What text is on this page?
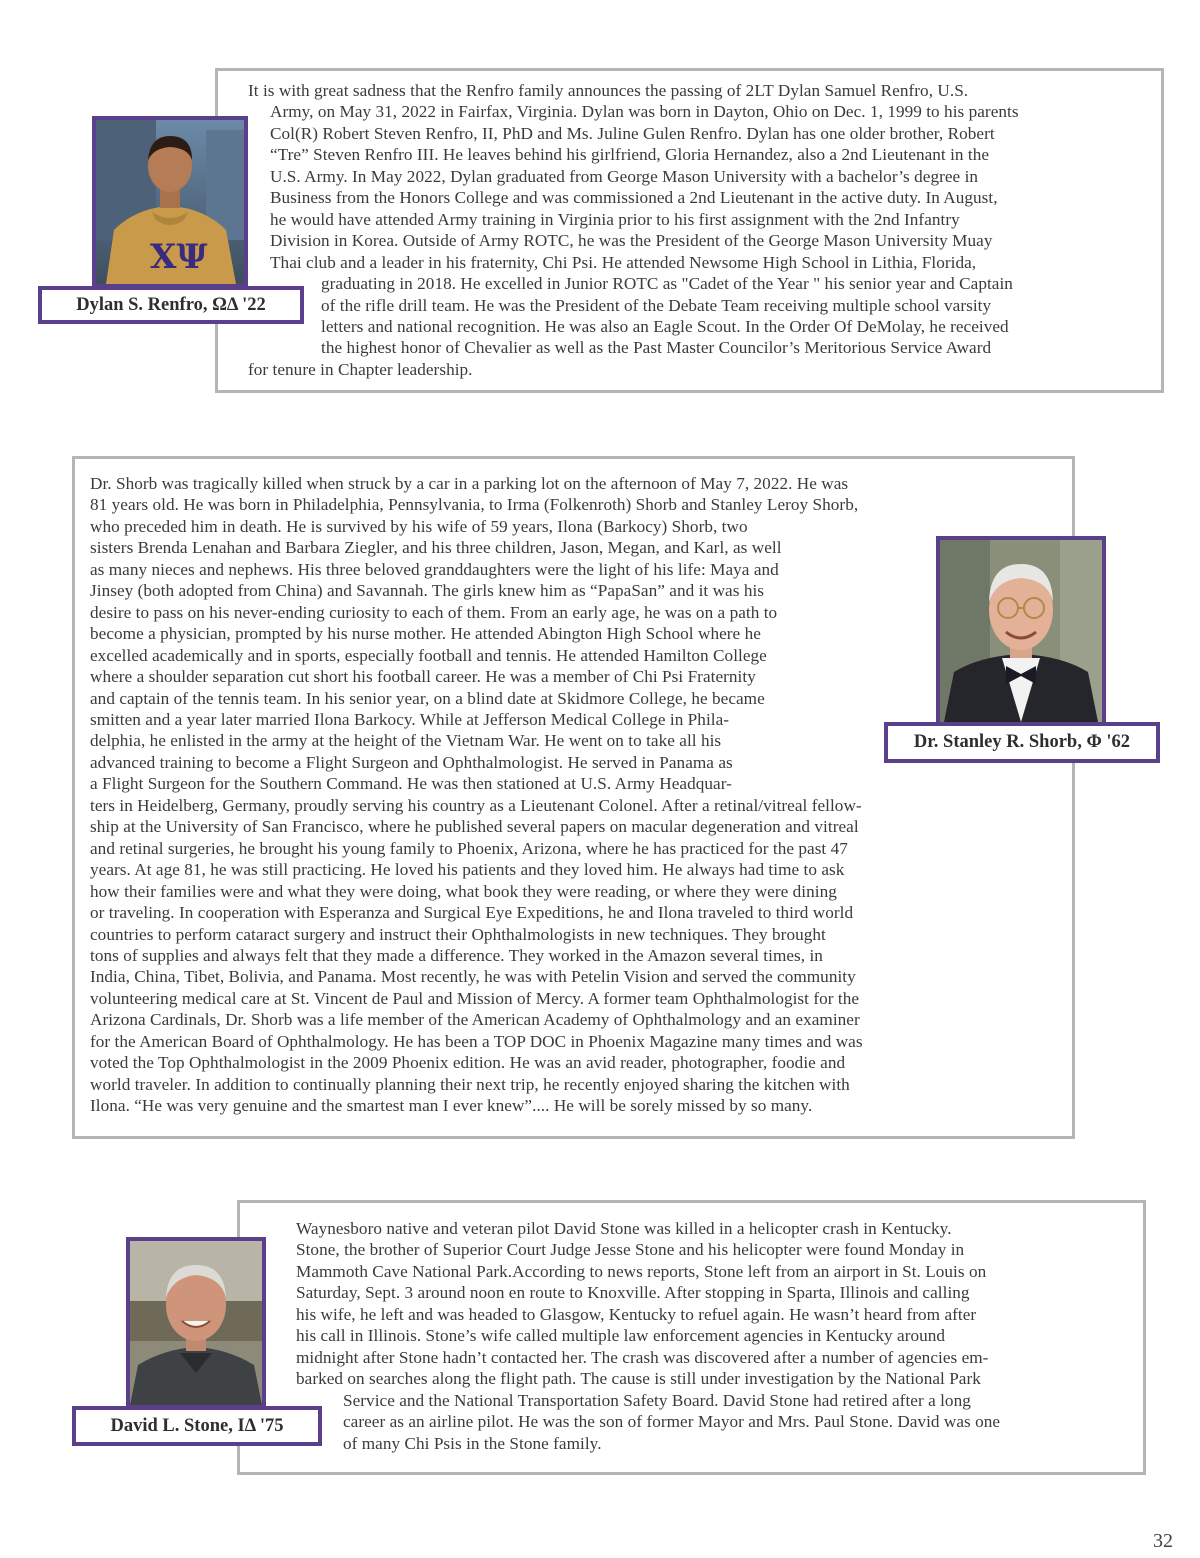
It is with great sadness that the Renfro family announces the passing of 2LT Dylan Samuel Renfro, U.S.
Army, on May 31, 2022 in Fairfax, Virginia. Dylan was born in Dayton, Ohio on Dec. 1, 1999 to his parents
Col(R) Robert Steven Renfro, II, PhD and Ms. Juline Gulen Renfro. Dylan has one older brother, Robert
“Tre” Steven Renfro III. He leaves behind his girlfriend, Gloria Hernandez, also a 2nd Lieutenant in the
U.S. Army. In May 2022, Dylan graduated from George Mason University with a bachelor’s degree in
Business from the Honors College and was commissioned a 2nd Lieutenant in the active duty. In August,
he would have attended Army training in Virginia prior to his first assignment with the 2nd Infantry
Division in Korea. Outside of Army ROTC, he was the President of the George Mason University Muay
Thai club and a leader in his fraternity, Chi Psi. He attended Newsome High School in Lithia, Florida,
graduating in 2018. He excelled in Junior ROTC as "Cadet of the Year " his senior year and Captain
of the rifle drill team. He was the President of the Debate Team receiving multiple school varsity
letters and national recognition. He was also an Eagle Scout. In the Order Of DeMolay, he received
the highest honor of Chevalier as well as the Past Master Councilor’s Meritorious Service Award
for tenure in Chapter leadership.
ΧΨ
Dylan S. Renfro, ΩΔ '22
Dr. Shorb was tragically killed when struck by a car in a parking lot on the afternoon of May 7, 2022. He was
81 years old. He was born in Philadelphia, Pennsylvania, to Irma (Folkenroth) Shorb and Stanley Leroy Shorb,
who preceded him in death. He is survived by his wife of 59 years, Ilona (Barkocy) Shorb, two
sisters Brenda Lenahan and Barbara Ziegler, and his three children, Jason, Megan, and Karl, as well
as many nieces and nephews. His three beloved granddaughters were the light of his life: Maya and
Jinsey (both adopted from China) and Savannah. The girls knew him as “PapaSan” and it was his
desire to pass on his never-ending curiosity to each of them. From an early age, he was on a path to
become a physician, prompted by his nurse mother. He attended Abington High School where he
excelled academically and in sports, especially football and tennis. He attended Hamilton College
where a shoulder separation cut short his football career. He was a member of Chi Psi Fraternity
and captain of the tennis team. In his senior year, on a blind date at Skidmore College, he became
smitten and a year later married Ilona Barkocy. While at Jefferson Medical College in Phila-
delphia, he enlisted in the army at the height of the Vietnam War. He went on to take all his
advanced training to become a Flight Surgeon and Ophthalmologist. He served in Panama as
a Flight Surgeon for the Southern Command. He was then stationed at U.S. Army Headquar-
ters in Heidelberg, Germany, proudly serving his country as a Lieutenant Colonel. After a retinal/vitreal fellow-
ship at the University of San Francisco, where he published several papers on macular degeneration and vitreal
and retinal surgeries, he brought his young family to Phoenix, Arizona, where he has practiced for the past 47
years. At age 81, he was still practicing. He loved his patients and they loved him. He always had time to ask
how their families were and what they were doing, what book they were reading, or where they were dining
or traveling. In cooperation with Esperanza and Surgical Eye Expeditions, he and Ilona traveled to third world
countries to perform cataract surgery and instruct their Ophthalmologists in new techniques. They brought
tons of supplies and always felt that they made a difference. They worked in the Amazon several times, in
India, China, Tibet, Bolivia, and Panama. Most recently, he was with Petelin Vision and served the community
volunteering medical care at St. Vincent de Paul and Mission of Mercy. A former team Ophthalmologist for the
Arizona Cardinals, Dr. Shorb was a life member of the American Academy of Ophthalmology and an examiner
for the American Board of Ophthalmology. He has been a TOP DOC in Phoenix Magazine many times and was
voted the Top Ophthalmologist in the 2009 Phoenix edition. He was an avid reader, photographer, foodie and
world traveler. In addition to continually planning their next trip, he recently enjoyed sharing the kitchen with
Ilona. “He was very genuine and the smartest man I ever knew”.... He will be sorely missed by so many.
Dr. Stanley R. Shorb, Φ '62
Waynesboro native and veteran pilot David Stone was killed in a helicopter crash in Kentucky.
Stone, the brother of Superior Court Judge Jesse Stone and his helicopter were found Monday in
Mammoth Cave National Park.According to news reports, Stone left from an airport in St. Louis on
Saturday, Sept. 3 around noon en route to Knoxville. After stopping in Sparta, Illinois and calling
his wife, he left and was headed to Glasgow, Kentucky to refuel again. He wasn’t heard from after
his call in Illinois. Stone’s wife called multiple law enforcement agencies in Kentucky around
midnight after Stone hadn’t contacted her. The crash was discovered after a number of agencies em-
barked on searches along the flight path. The cause is still under investigation by the National Park
Service and the National Transportation Safety Board. David Stone had retired after a long
career as an airline pilot. He was the son of former Mayor and Mrs. Paul Stone. David was one
of many Chi Psis in the Stone family.
David L. Stone, IΔ '75
32
